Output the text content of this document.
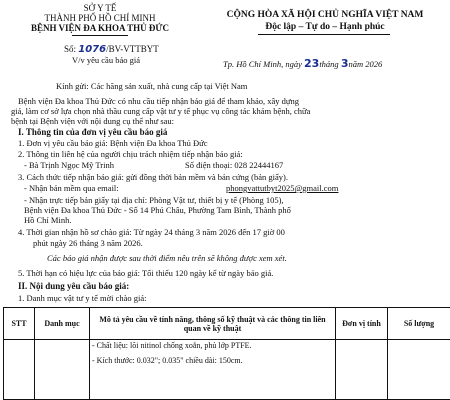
SỞ Y TẾ
THÀNH PHỐ HỒ CHÍ MINH
BỆNH VIỆN ĐA KHOA THỦ ĐỨC
Số: 1076/BV-VTTBYT
V/v yêu cầu báo giá
CỘNG HÒA XÃ HỘI CHỦ NGHĨA VIỆT NAM
Độc lập – Tự do – Hạnh phúc
Tp. Hồ Chí Minh, ngày 23tháng 3năm 2026
Kính gửi: Các hãng sản xuất, nhà cung cấp tại Việt Nam
Bệnh viện Đa khoa Thủ Đức có nhu cầu tiếp nhận báo giá để tham khảo, xây dựng
giá, làm cơ sở lựa chọn nhà thầu cung cấp vật tư y tế phục vụ công tác khám bệnh, chữa
bệnh tại Bệnh viện với nội dung cụ thể như sau:
I. Thông tin của đơn vị yêu cầu báo giá
1. Đơn vị yêu cầu báo giá: Bệnh viện Đa khoa Thủ Đức
2. Thông tin liên hệ của người chịu trách nhiệm tiếp nhận báo giá:
- Bà Trịnh Ngọc Mỹ Trinh	Số điện thoại: 028 22444167
3. Cách thức tiếp nhận báo giá: gửi đồng thời bản mềm và bản cứng (bản giấy).
- Nhận bản mềm qua email:	phongvattutbyt2025@gmail.com
- Nhận trực tiếp bản giấy tại địa chỉ: Phòng Vật tư, thiết bị y tế (Phòng 105),
Bệnh viện Đa khoa Thủ Đức - Số 14 Phú Châu, Phường Tam Bình, Thành phố
Hồ Chí Minh.
4. Thời gian nhận hồ sơ chào giá: Từ ngày 24 tháng 3 năm 2026 đến 17 giờ 00
phút ngày 26 tháng 3 năm 2026.
Các báo giá nhận được sau thời điểm nêu trên sẽ không được xem xét.
5. Thời hạn có hiệu lực của báo giá: Tối thiểu 120 ngày kể từ ngày báo giá.
II. Nội dung yêu cầu báo giá:
1. Danh mục vật tư y tế mời chào giá:
STT	Danh mục	Mô tả yêu cầu về tính năng, thông số kỹ thuật và các thông tin liên quan về kỹ thuật	Đơn vị tính	Số lượng

		- Chất liệu: lõi nitinol chống xoắn, phủ lớp PTFE.
- Kích thước: 0.032"; 0.035" chiều dài: 150cm.		
